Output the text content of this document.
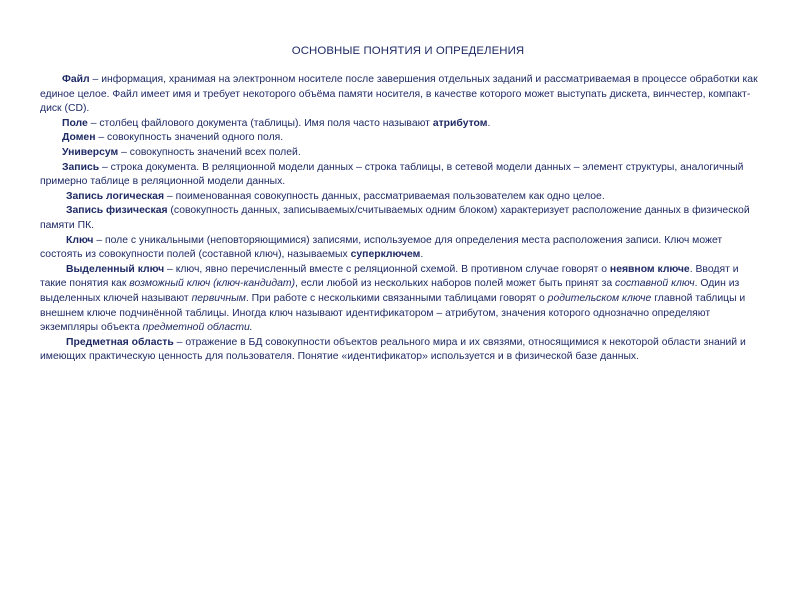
ОСНОВНЫЕ ПОНЯТИЯ И ОПРЕДЕЛЕНИЯ

Файл – информация, хранимая на электронном носителе после завершения отдельных заданий и рассматриваемая в процессе обработки как единое целое. Файл имеет имя и требует некоторого объёма памяти носителя, в качестве которого может выступать дискета, винчестер, компакт-диск (CD).

Поле – столбец файлового документа (таблицы). Имя поля часто называют атрибутом.

Домен – совокупность значений одного поля.

Универсум – совокупность значений всех полей.

Запись – строка документа. В реляционной модели данных – строка таблицы, в сетевой модели данных – элемент структуры, аналогичный примерно таблице в реляционной модели данных.

Запись логическая – поименованная совокупность данных, рассматриваемая пользователем как одно целое.

Запись физическая (совокупность данных, записываемых/считываемых одним блоком) характеризует расположение данных в физической памяти ПК.

Ключ – поле с уникальными (неповторяющимися) записями, используемое для определения места расположения записи. Ключ может состоять из совокупности полей (составной ключ), называемых суперключем.

Выделенный ключ – ключ, явно перечисленный вместе с реляционной схемой. В противном случае говорят о неявном ключе. Вводят и такие понятия как возможный ключ (ключ-кандидат), если любой из нескольких наборов полей может быть принят за составной ключ. Один из выделенных ключей называют первичным. При работе с несколькими связанными таблицами говорят о родительском ключе главной таблицы и внешнем ключе подчинённой таблицы. Иногда ключ называют идентификатором – атрибутом, значения которого однозначно определяют экземпляры объекта предметной области.

Предметная область – отражение в БД совокупности объектов реального мира и их связями, относящимися к некоторой области знаний и имеющих практическую ценность для пользователя. Понятие «идентификатор» используется и в физической базе данных.
